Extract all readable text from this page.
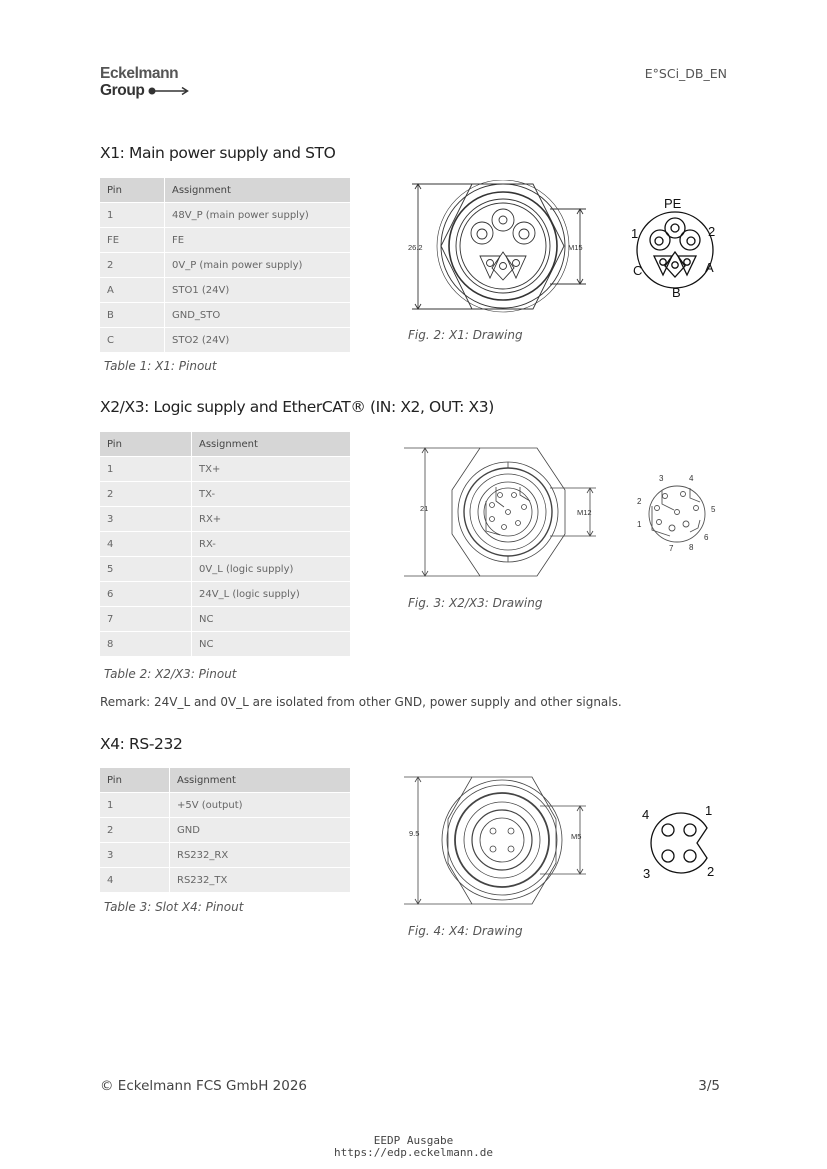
Eckelmann
Group
E°SCi_DB_EN
X1: Main power supply and STO
Pin	Assignment
1	48V_P (main power supply)
FE	FE
2	0V_P (main power supply)
A	STO1 (24V)
B	GND_STO
C	STO2 (24V)
Table 1: X1: Pinout
26.2	M15
PE
1	2
C	A
B
Fig. 2: X1: Drawing
X2/X3: Logic supply and EtherCAT® (IN: X2, OUT: X3)
Pin	Assignment
1	TX+
2	TX-
3	RX+
4	RX-
5	0V_L (logic supply)
6	24V_L (logic supply)
7	NC
8	NC
Table 2: X2/X3: Pinout
21	M12
3	4
2
5
1
6
7 8
Fig. 3: X2/X3: Drawing
Remark: 24V_L and 0V_L are isolated from other GND, power supply and other signals.
X4: RS-232
Pin	Assignment
1	+5V (output)
2	GND
3	RS232_RX
4	RS232_TX
Table 3: Slot X4: Pinout
9.5	M5
4	1
3	2
Fig. 4: X4: Drawing
© Eckelmann FCS GmbH 2026	3/5
EEDP Ausgabe
https://edp.eckelmann.de
